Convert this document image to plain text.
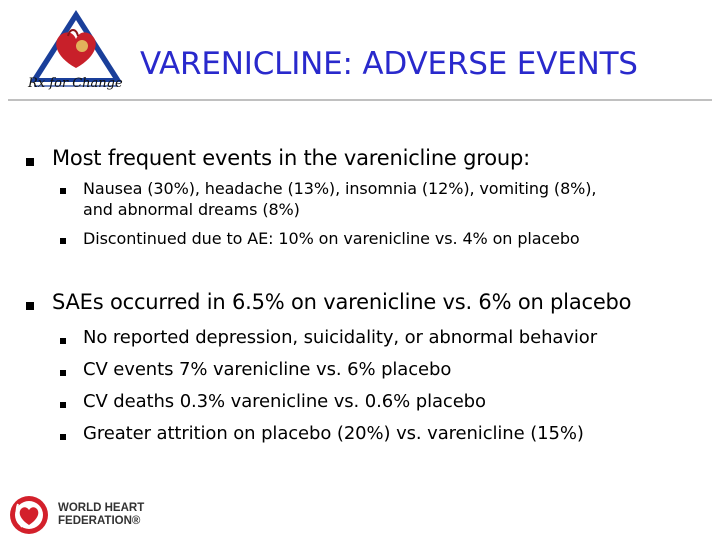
Rx for Change
VARENICLINE: ADVERSE EVENTS
Most frequent events in the varenicline group:
Nausea (30%), headache (13%), insomnia (12%), vomiting (8%),
and abnormal dreams (8%)
Discontinued due to AE: 10% on varenicline vs. 4% on placebo
SAEs occurred in 6.5% on varenicline vs. 6% on placebo
No reported depression, suicidality, or abnormal behavior
CV events 7% varenicline vs. 6% placebo
CV deaths 0.3% varenicline vs. 0.6% placebo
Greater attrition on placebo (20%) vs. varenicline (15%)
WORLD HEART
FEDERATION®
